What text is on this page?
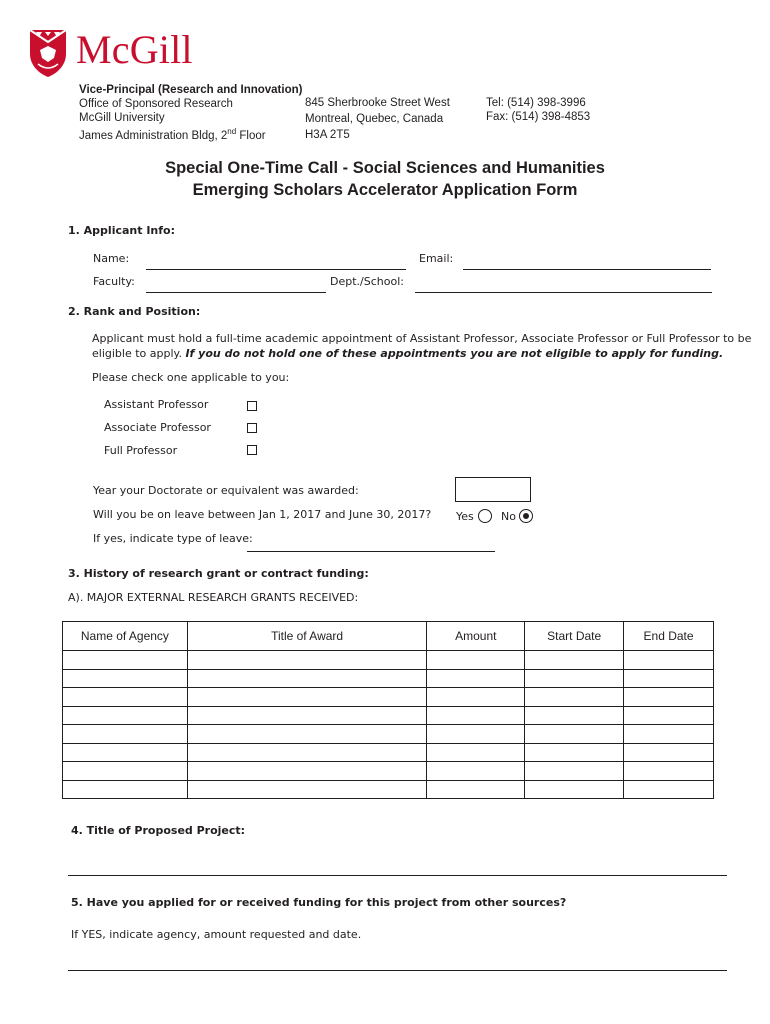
McGill
Vice-Principal (Research and Innovation)
Office of Sponsored Research
McGill University
James Administration Bldg, 2nd Floor
845 Sherbrooke Street West
Montreal, Quebec, Canada
H3A 2T5
Tel: (514) 398-3996
Fax: (514) 398-4853
Special One-Time Call - Social Sciences and Humanities
Emerging Scholars Accelerator Application Form
1. Applicant Info:
Name:	Email:
Faculty:	Dept./School:
2. Rank and Position:
Applicant must hold a full-time academic appointment of Assistant Professor, Associate Professor or Full Professor to be
eligible to apply. If you do not hold one of these appointments you are not eligible to apply for funding.
Please check one applicable to you:
Assistant Professor
Associate Professor
Full Professor
Year your Doctorate or equivalent was awarded:
Will you be on leave between Jan 1, 2017 and June 30, 2017? Yes No
If yes, indicate type of leave:
3. History of research grant or contract funding:
A). MAJOR EXTERNAL RESEARCH GRANTS RECEIVED:
Name of Agency	Title of Award	Amount	Start Date	End Date

4. Title of Proposed Project:
5. Have you applied for or received funding for this project from other sources?
If YES, indicate agency, amount requested and date.
